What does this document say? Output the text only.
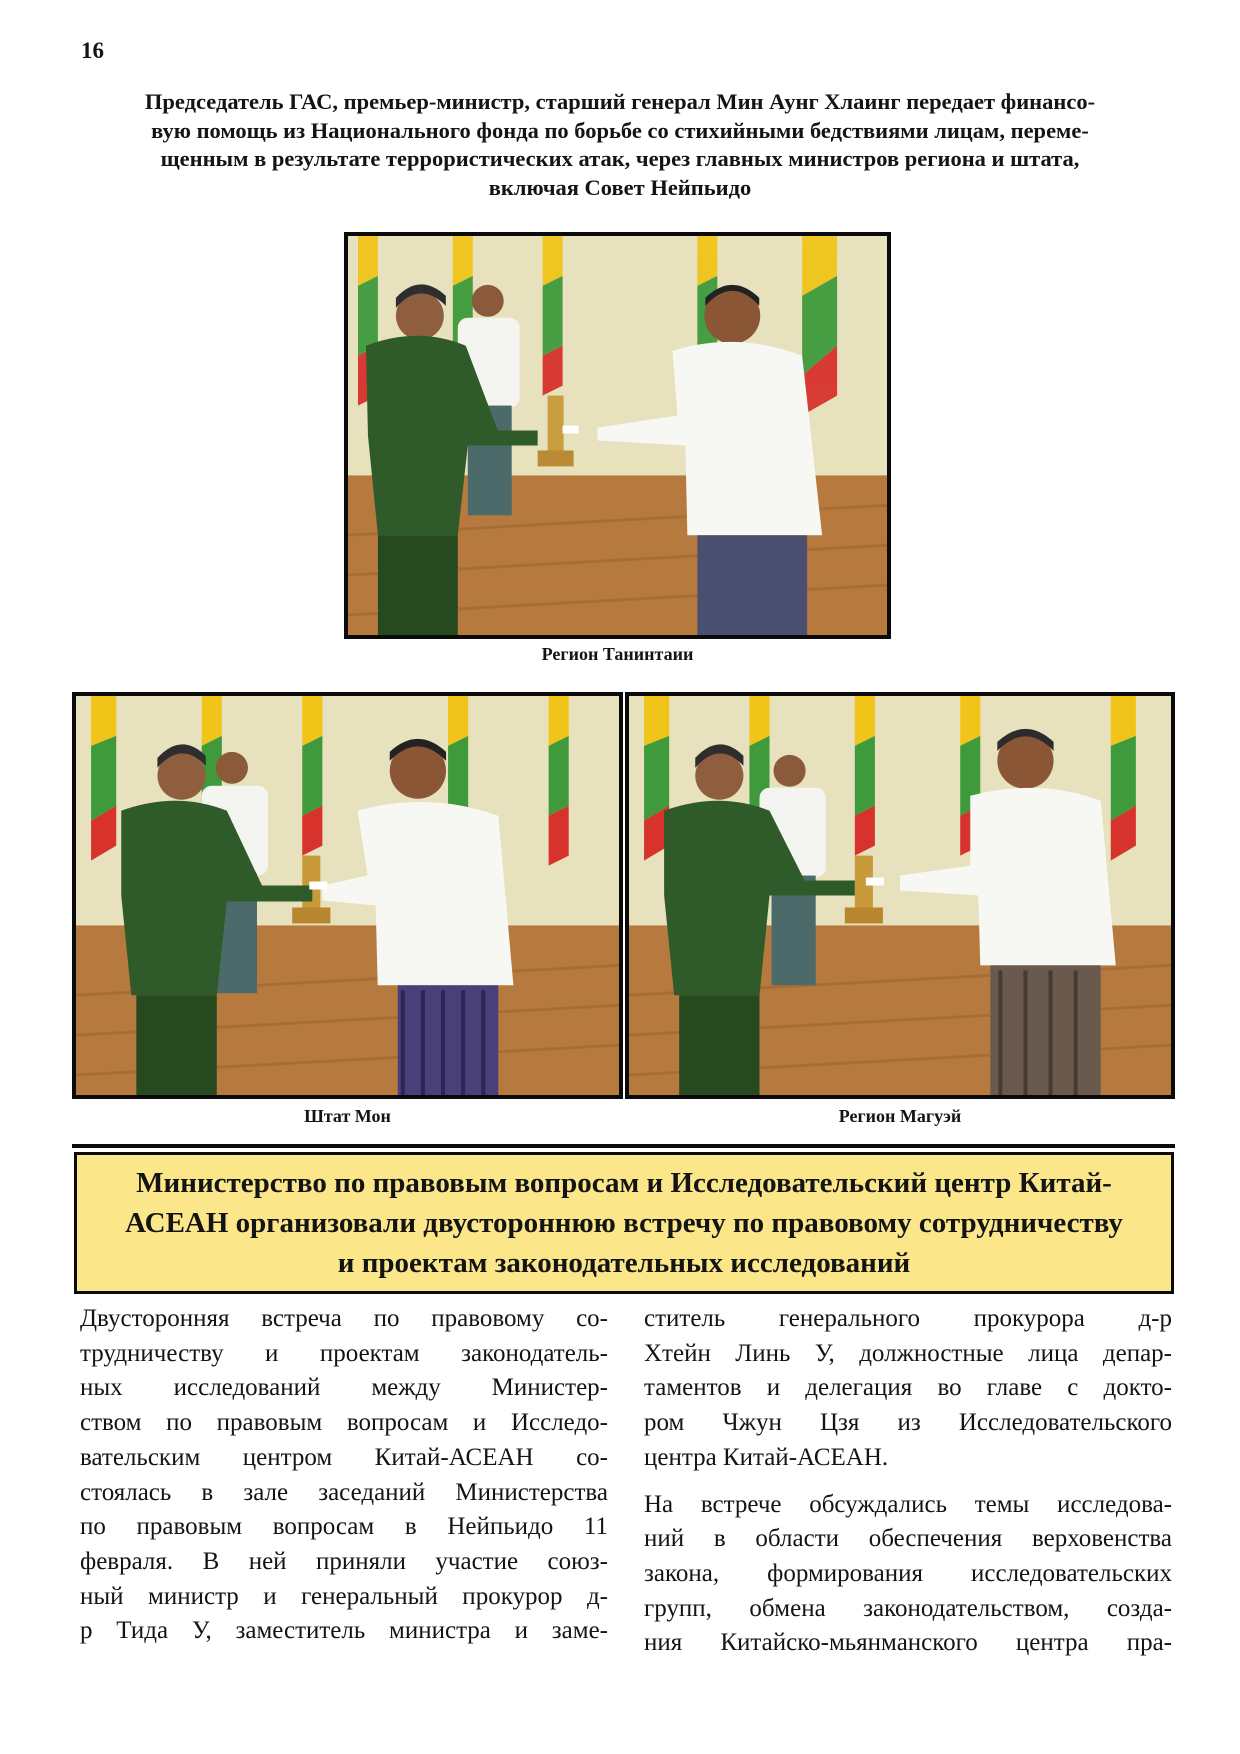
16
Председатель ГАС, премьер-министр, старший генерал Мин Аунг Хлаинг передает финансо-
вую помощь из Национального фонда по борьбе со стихийными бедствиями лицам, переме-
щенным в результате террористических атак, через главных министров региона и штата,
включая Совет Нейпьидо
Регион Танинтаии
Штат Мон	Регион Магуэй
Министерство по правовым вопросам и Исследовательский центр Китай-
АСЕАН организовали двустороннюю встречу по правовому сотрудничеству
и проектам законодательных исследований
Двусторонняя встреча по правовому со-
трудничеству и проектам законодатель-
ных исследований между Министер-
ством по правовым вопросам и Исследо-
вательским центром Китай-АСЕАН со-
стоялась в зале заседаний Министерства
по правовым вопросам в Нейпьидо 11
февраля. В ней приняли участие союз-
ный министр и генеральный прокурор д-
р Тида У, заместитель министра и заме-
ститель генерального прокурора д-р
Хтейн Линь У, должностные лица депар-
таментов и делегация во главе с докто-
ром Чжун Цзя из Исследовательского
центра Китай-АСЕАН.
На встрече обсуждались темы исследова-
ний в области обеспечения верховенства
закона, формирования исследовательских
групп, обмена законодательством, созда-
ния Китайско-мьянманского центра пра-
